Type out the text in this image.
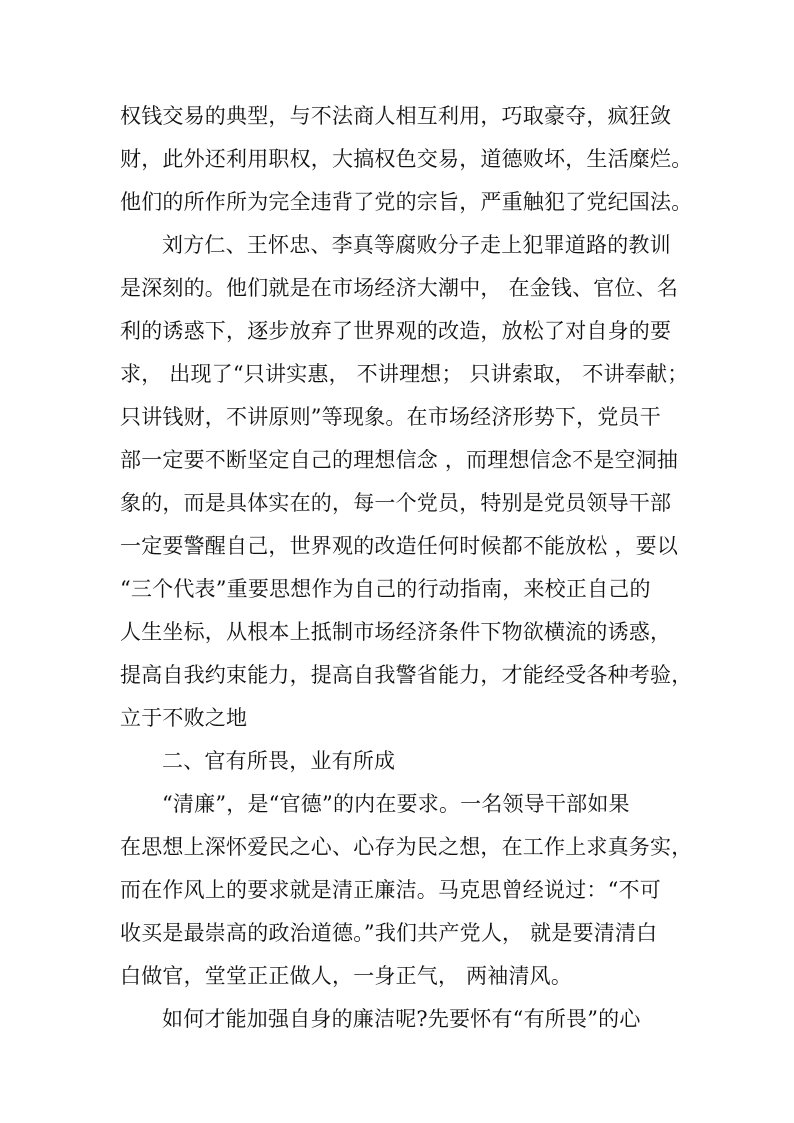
权钱交易的典型，与不法商人相互利用，巧取豪夺，疯狂敛
财，此外还利用职权，大搞权色交易，道德败坏，生活糜烂。
他们的所作所为完全违背了党的宗旨，严重触犯了党纪国法。
刘方仁、王怀忠、李真等腐败分子走上犯罪道路的教训
是深刻的。他们就是在市场经济大潮中， 在金钱、官位、名
利的诱惑下，逐步放弃了世界观的改造，放松了对自身的要
求， 出现了“只讲实惠， 不讲理想； 只讲索取， 不讲奉献；
只讲钱财，不讲原则”等现象。在市场经济形势下，党员干
部一定要不断坚定自己的理想信念 ，而理想信念不是空洞抽
象的，而是具体实在的，每一个党员，特别是党员领导干部
一定要警醒自己，世界观的改造任何时候都不能放松 ，要以
“三个代表”重要思想作为自己的行动指南，来校正自己的
人生坐标，从根本上抵制市场经济条件下物欲横流的诱惑，
提高自我约束能力，提高自我警省能力，才能经受各种考验，
立于不败之地
二、官有所畏，业有所成
“清廉”，是“官德”的内在要求。一名领导干部如果
在思想上深怀爱民之心、心存为民之想，在工作上求真务实，
而在作风上的要求就是清正廉洁。马克思曾经说过：“不可
收买是最崇高的政治道德。”我们共产党人， 就是要清清白
白做官，堂堂正正做人，一身正气， 两袖清风。
如何才能加强自身的廉洁呢?先要怀有“有所畏”的心
